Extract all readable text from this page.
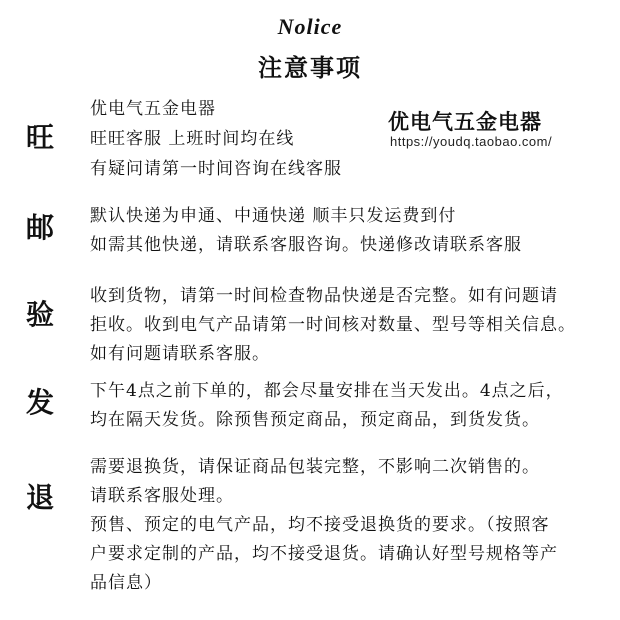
Nolice
注意事项
旺
邮
验
发
退
优电气五金电器
https://youdq.taobao.com/
优电气五金电器
旺旺客服 上班时间均在线
有疑问请第一时间咨询在线客服
默认快递为申通、中通快递 顺丰只发运费到付
如需其他快递，请联系客服咨询。快递修改请联系客服
收到货物，请第一时间检查物品快递是否完整。如有问题请
拒收。收到电气产品请第一时间核对数量、型号等相关信息。
如有问题请联系客服。
下午4点之前下单的，都会尽量安排在当天发出。4点之后，
均在隔天发货。除预售预定商品，预定商品，到货发货。
需要退换货，请保证商品包装完整，不影响二次销售的。
请联系客服处理。
预售、预定的电气产品，均不接受退换货的要求。（按照客
户要求定制的产品，均不接受退货。请确认好型号规格等产
品信息）
